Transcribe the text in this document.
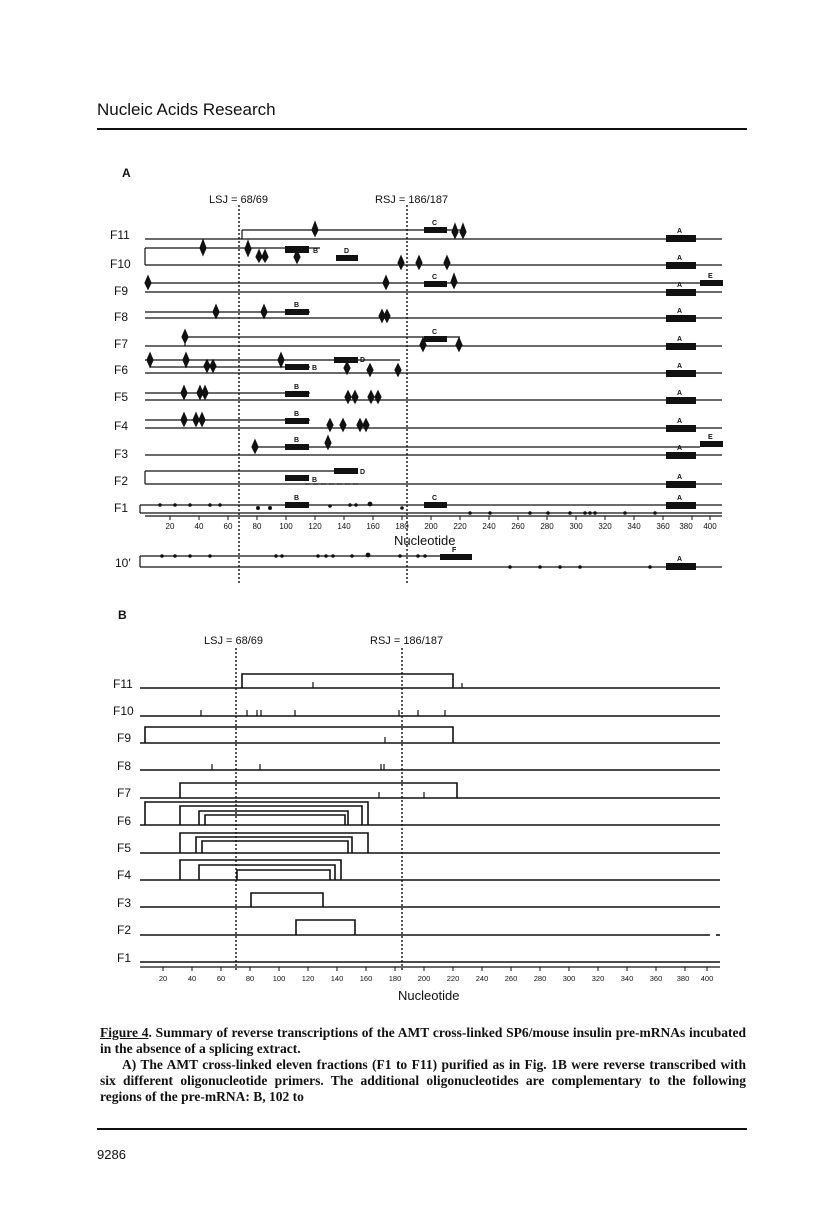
Nucleic Acids Research
A
LSJ = 68/69	RSJ = 186/187
B
LSJ = 68/69	RSJ = 186/187
F11
F10
F9
F8
F7
F6
F5
F4
F3
F2
F1
10′
F11
F10
F9
F8
F7
F6
F5
F4
F3
F2
F1
Nucleotide
Nucleotide
C
A
B	D
A
C	E
A
B
A
C
A
D
B	A
B
A
B
A
B	E
A
D
B	A
B	C	A
F
A
20	40	60	80 100 120 140 160 180 200 220 240 260 280 300 320 340 360 380 400
20	40	60	80 100 120 140 160 180 200 220 240 260 280 300 320 340 360 380 400

Figure 4. Summary of reverse transcriptions of the AMT cross-linked SP6/mouse insulin pre-mRNAs incubated in the absence of a splicing extract.

A) The AMT cross-linked eleven fractions (F1 to F11) purified as in Fig. 1B were reverse transcribed with six different oligonucleotide primers. The additional oligonucleotides are complementary to the following regions of the pre-mRNA: B, 102 to

9286
